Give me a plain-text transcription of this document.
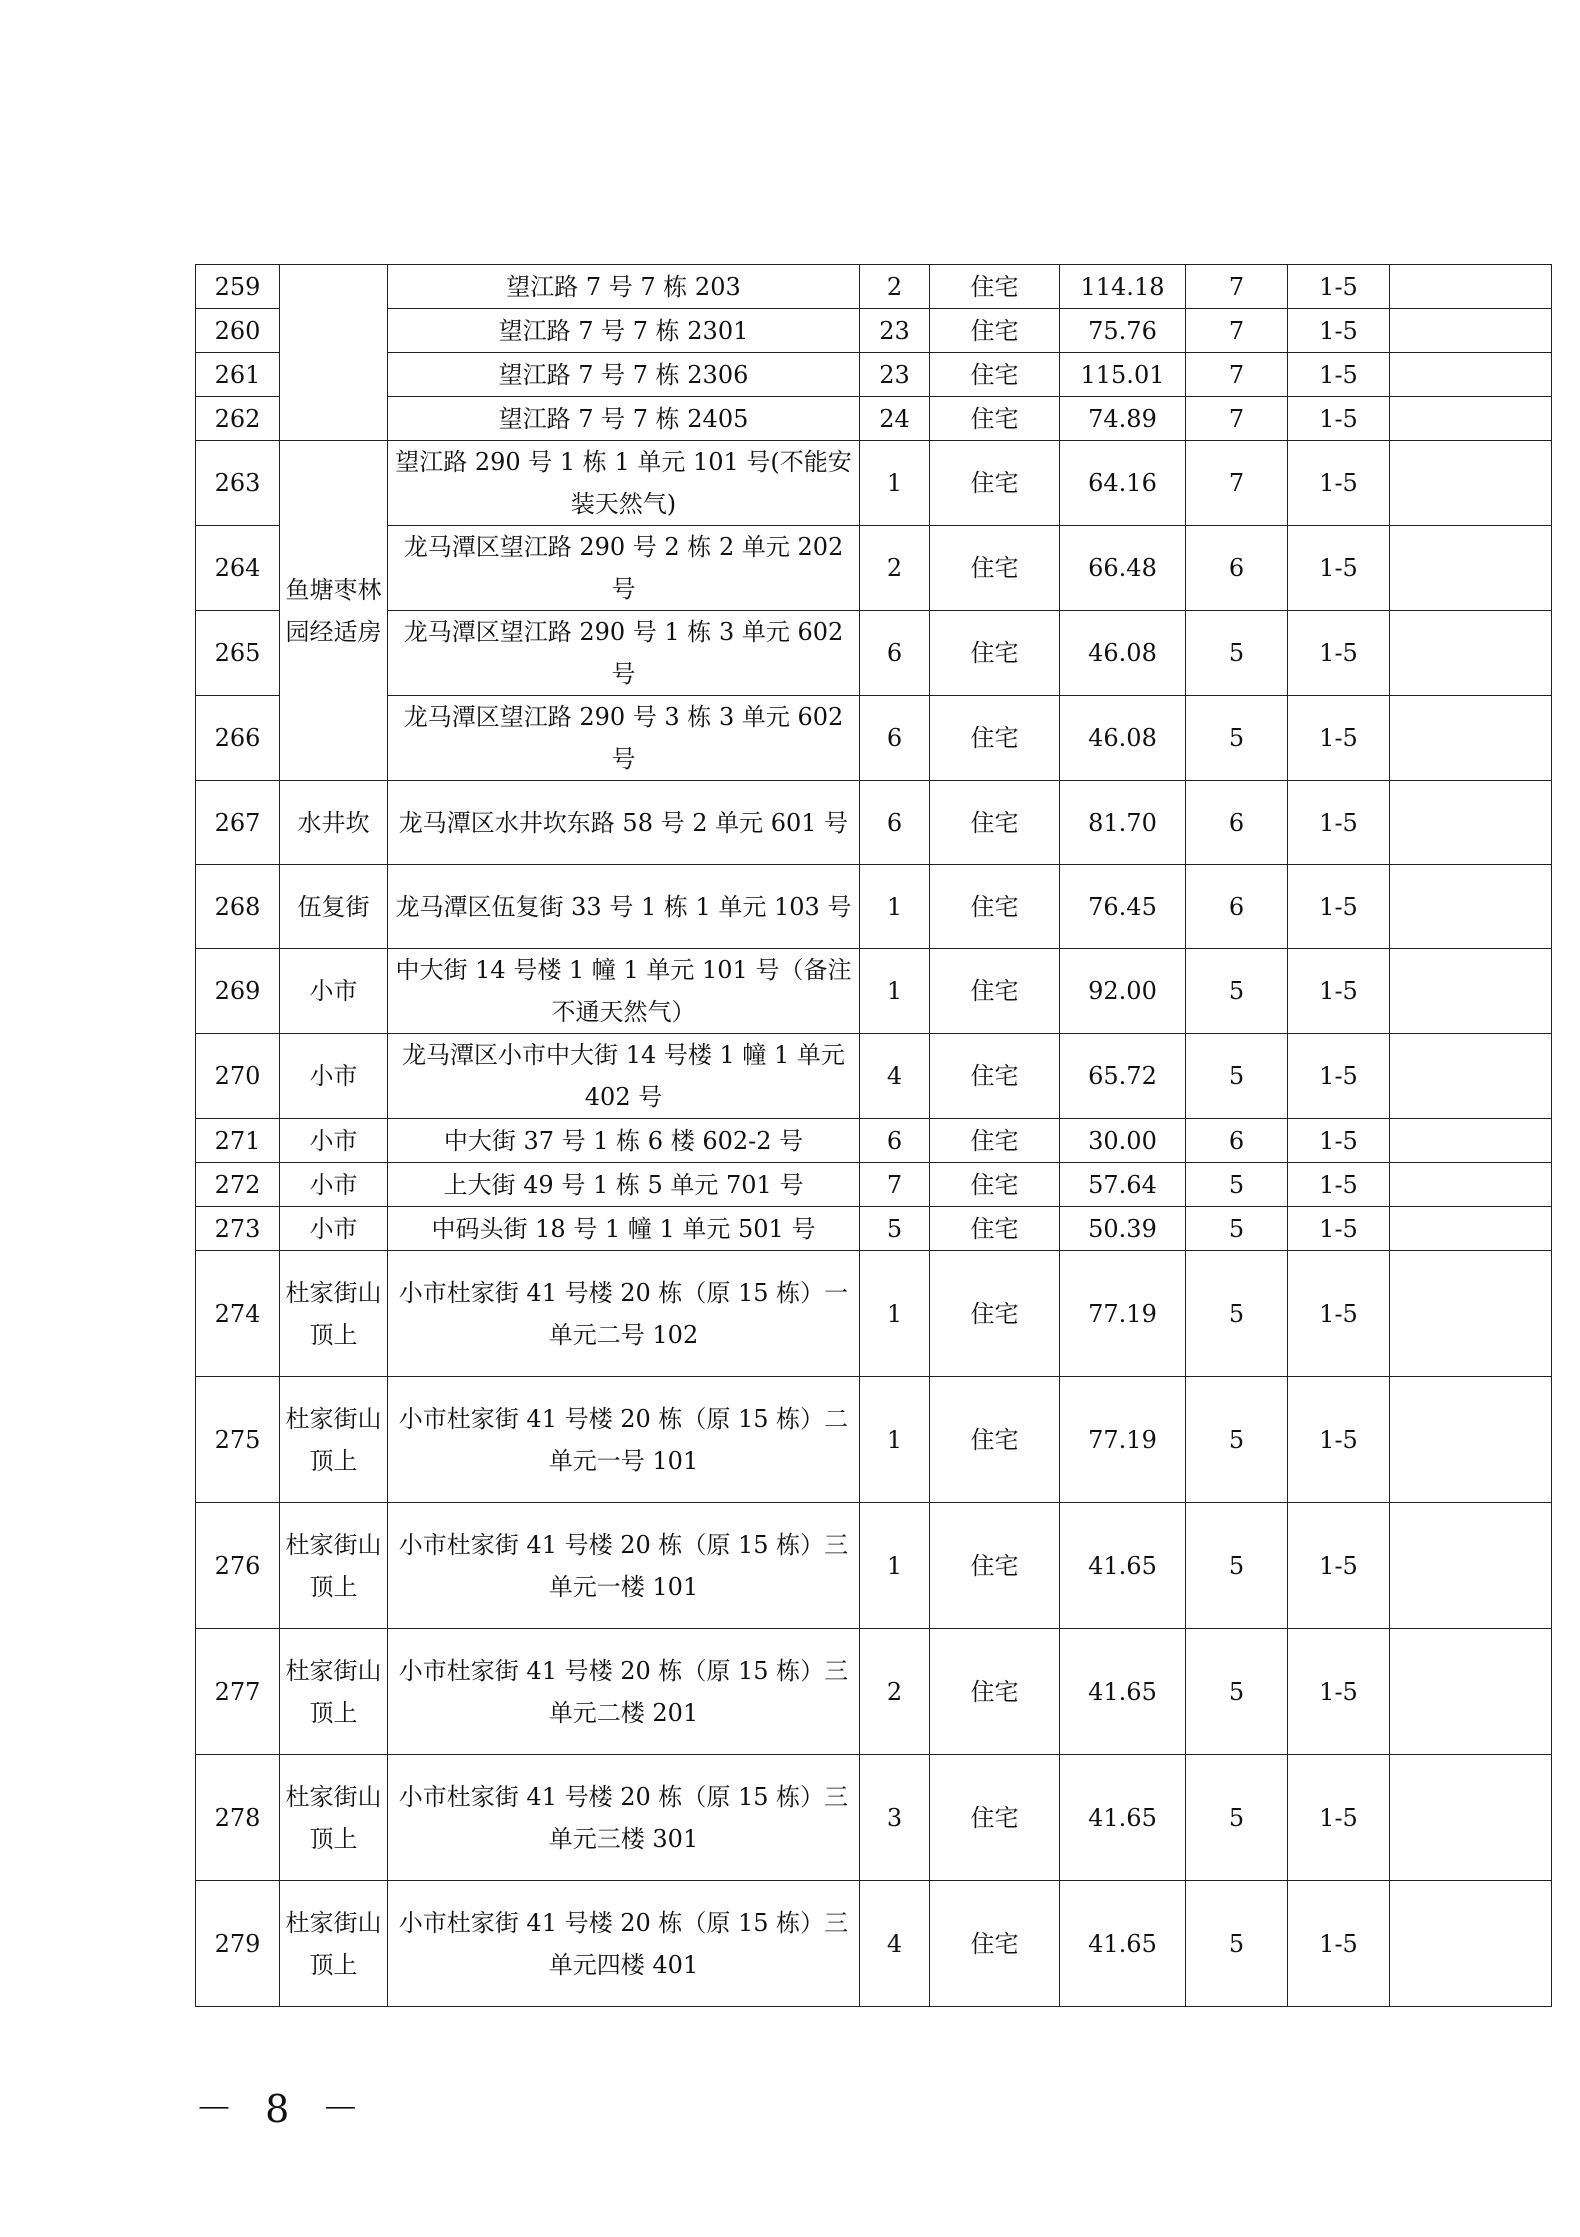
259		望江路 7 号 7 栋 203	2	住宅	114.18	7	1-5	
260		望江路 7 号 7 栋 2301	23	住宅	75.76	7	1-5	
261		望江路 7 号 7 栋 2306	23	住宅	115.01	7	1-5	
262		望江路 7 号 7 栋 2405	24	住宅	74.89	7	1-5	
263	鱼塘枣林园经适房	望江路 290 号 1 栋 1 单元 101 号(不能安装天然气)	1	住宅	64.16	7	1-5	
264		龙马潭区望江路 290 号 2 栋 2 单元 202 号	2	住宅	66.48	6	1-5	
265		龙马潭区望江路 290 号 1 栋 3 单元 602 号	6	住宅	46.08	5	1-5	
266		龙马潭区望江路 290 号 3 栋 3 单元 602 号	6	住宅	46.08	5	1-5	
267	水井坎	龙马潭区水井坎东路 58 号 2 单元 601 号	6	住宅	81.70	6	1-5	
268	伍复街	龙马潭区伍复街 33 号 1 栋 1 单元 103 号	1	住宅	76.45	6	1-5	
269	小市	中大街 14 号楼 1 幢 1 单元 101 号（备注不通天然气）	1	住宅	92.00	5	1-5	
270	小市	龙马潭区小市中大街 14 号楼 1 幢 1 单元 402 号	4	住宅	65.72	5	1-5	
271	小市	中大街 37 号 1 栋 6 楼 602-2 号	6	住宅	30.00	6	1-5	
272	小市	上大街 49 号 1 栋 5 单元 701 号	7	住宅	57.64	5	1-5	
273	小市	中码头街 18 号 1 幢 1 单元 501 号	5	住宅	50.39	5	1-5	
274	杜家街山顶上	小市杜家街 41 号楼 20 栋（原 15 栋）一单元二号 102	1	住宅	77.19	5	1-5	
275	杜家街山顶上	小市杜家街 41 号楼 20 栋（原 15 栋）二单元一号 101	1	住宅	77.19	5	1-5	
276	杜家街山顶上	小市杜家街 41 号楼 20 栋（原 15 栋）三单元一楼 101	1	住宅	41.65	5	1-5	
277	杜家街山顶上	小市杜家街 41 号楼 20 栋（原 15 栋）三单元二楼 201	2	住宅	41.65	5	1-5	
278	杜家街山顶上	小市杜家街 41 号楼 20 栋（原 15 栋）三单元三楼 301	3	住宅	41.65	5	1-5	
279	杜家街山顶上	小市杜家街 41 号楼 20 栋（原 15 栋）三单元四楼 401	4	住宅	41.65	5	1-5	
－ 8 －
